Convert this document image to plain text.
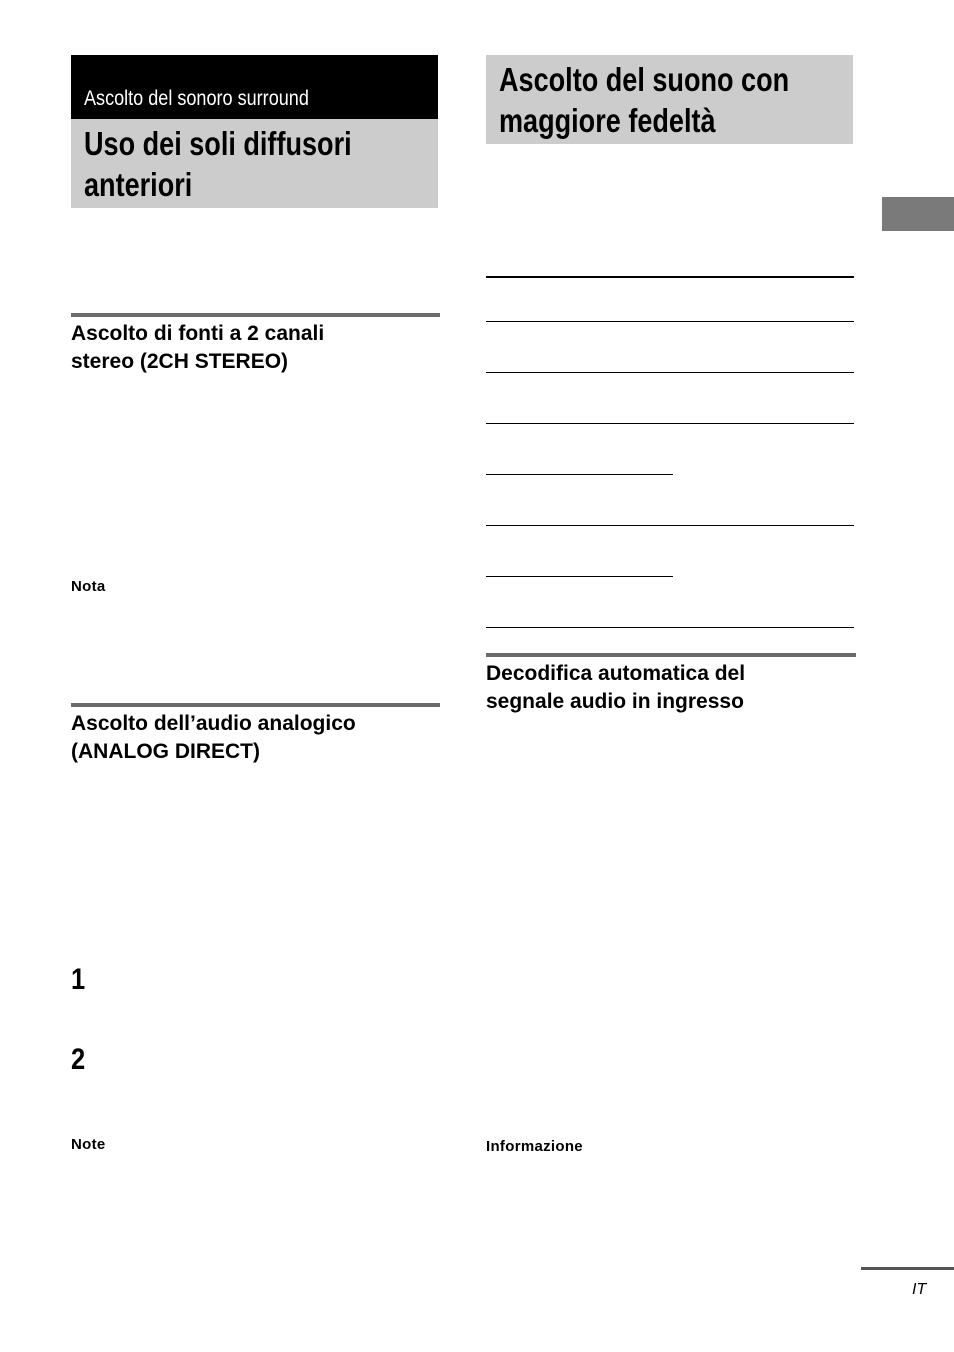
Ascolto del sonoro surround
Uso dei soli diffusori
anteriori
Ascolto di fonti a 2 canali
stereo (2CH STEREO)
Nota
Ascolto dell’audio analogico
(ANALOG DIRECT)
1
2
Note
Ascolto del suono con
maggiore fedeltà
Decodifica automatica del
segnale audio in ingresso
Informazione
IT
